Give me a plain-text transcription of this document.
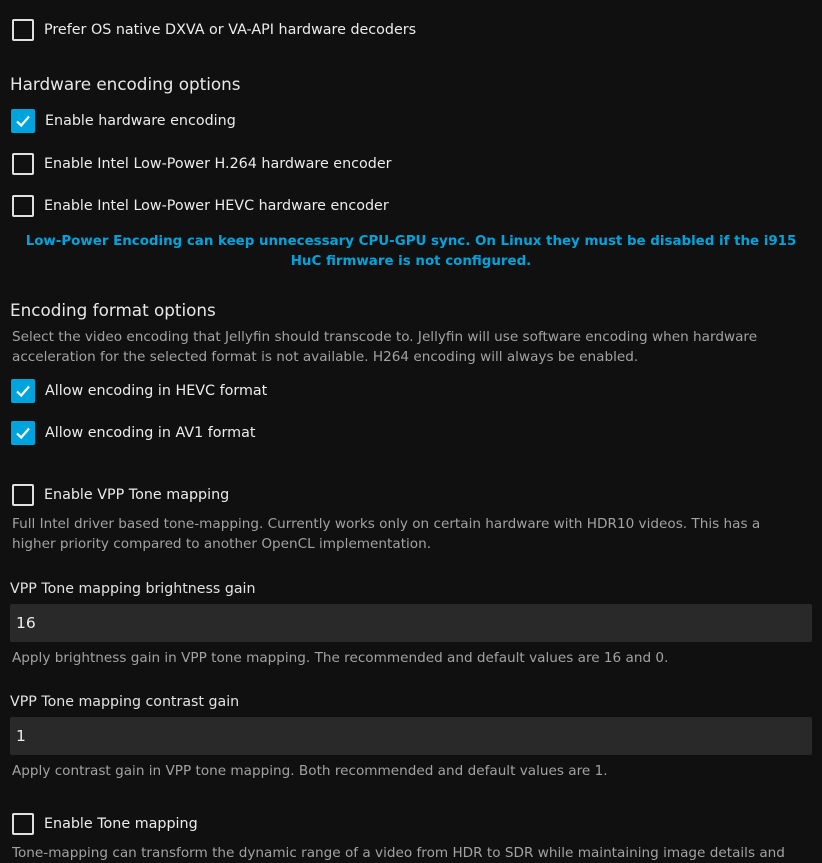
Prefer OS native DXVA or VA-API hardware decoders
Hardware encoding options
Enable hardware encoding
Enable Intel Low-Power H.264 hardware encoder
Enable Intel Low-Power HEVC hardware encoder
Low-Power Encoding can keep unnecessary CPU-GPU sync. On Linux they must be disabled if the i915 HuC firmware is not configured.
Encoding format options
Select the video encoding that Jellyfin should transcode to. Jellyfin will use software encoding when hardware acceleration for the selected format is not available. H264 encoding will always be enabled.
Allow encoding in HEVC format
Allow encoding in AV1 format
Enable VPP Tone mapping
Full Intel driver based tone-mapping. Currently works only on certain hardware with HDR10 videos. This has a higher priority compared to another OpenCL implementation.
VPP Tone mapping brightness gain
16
Apply brightness gain in VPP tone mapping. The recommended and default values are 16 and 0.
VPP Tone mapping contrast gain
1
Apply contrast gain in VPP tone mapping. Both recommended and default values are 1.
Enable Tone mapping
Tone-mapping can transform the dynamic range of a video from HDR to SDR while maintaining image details and
